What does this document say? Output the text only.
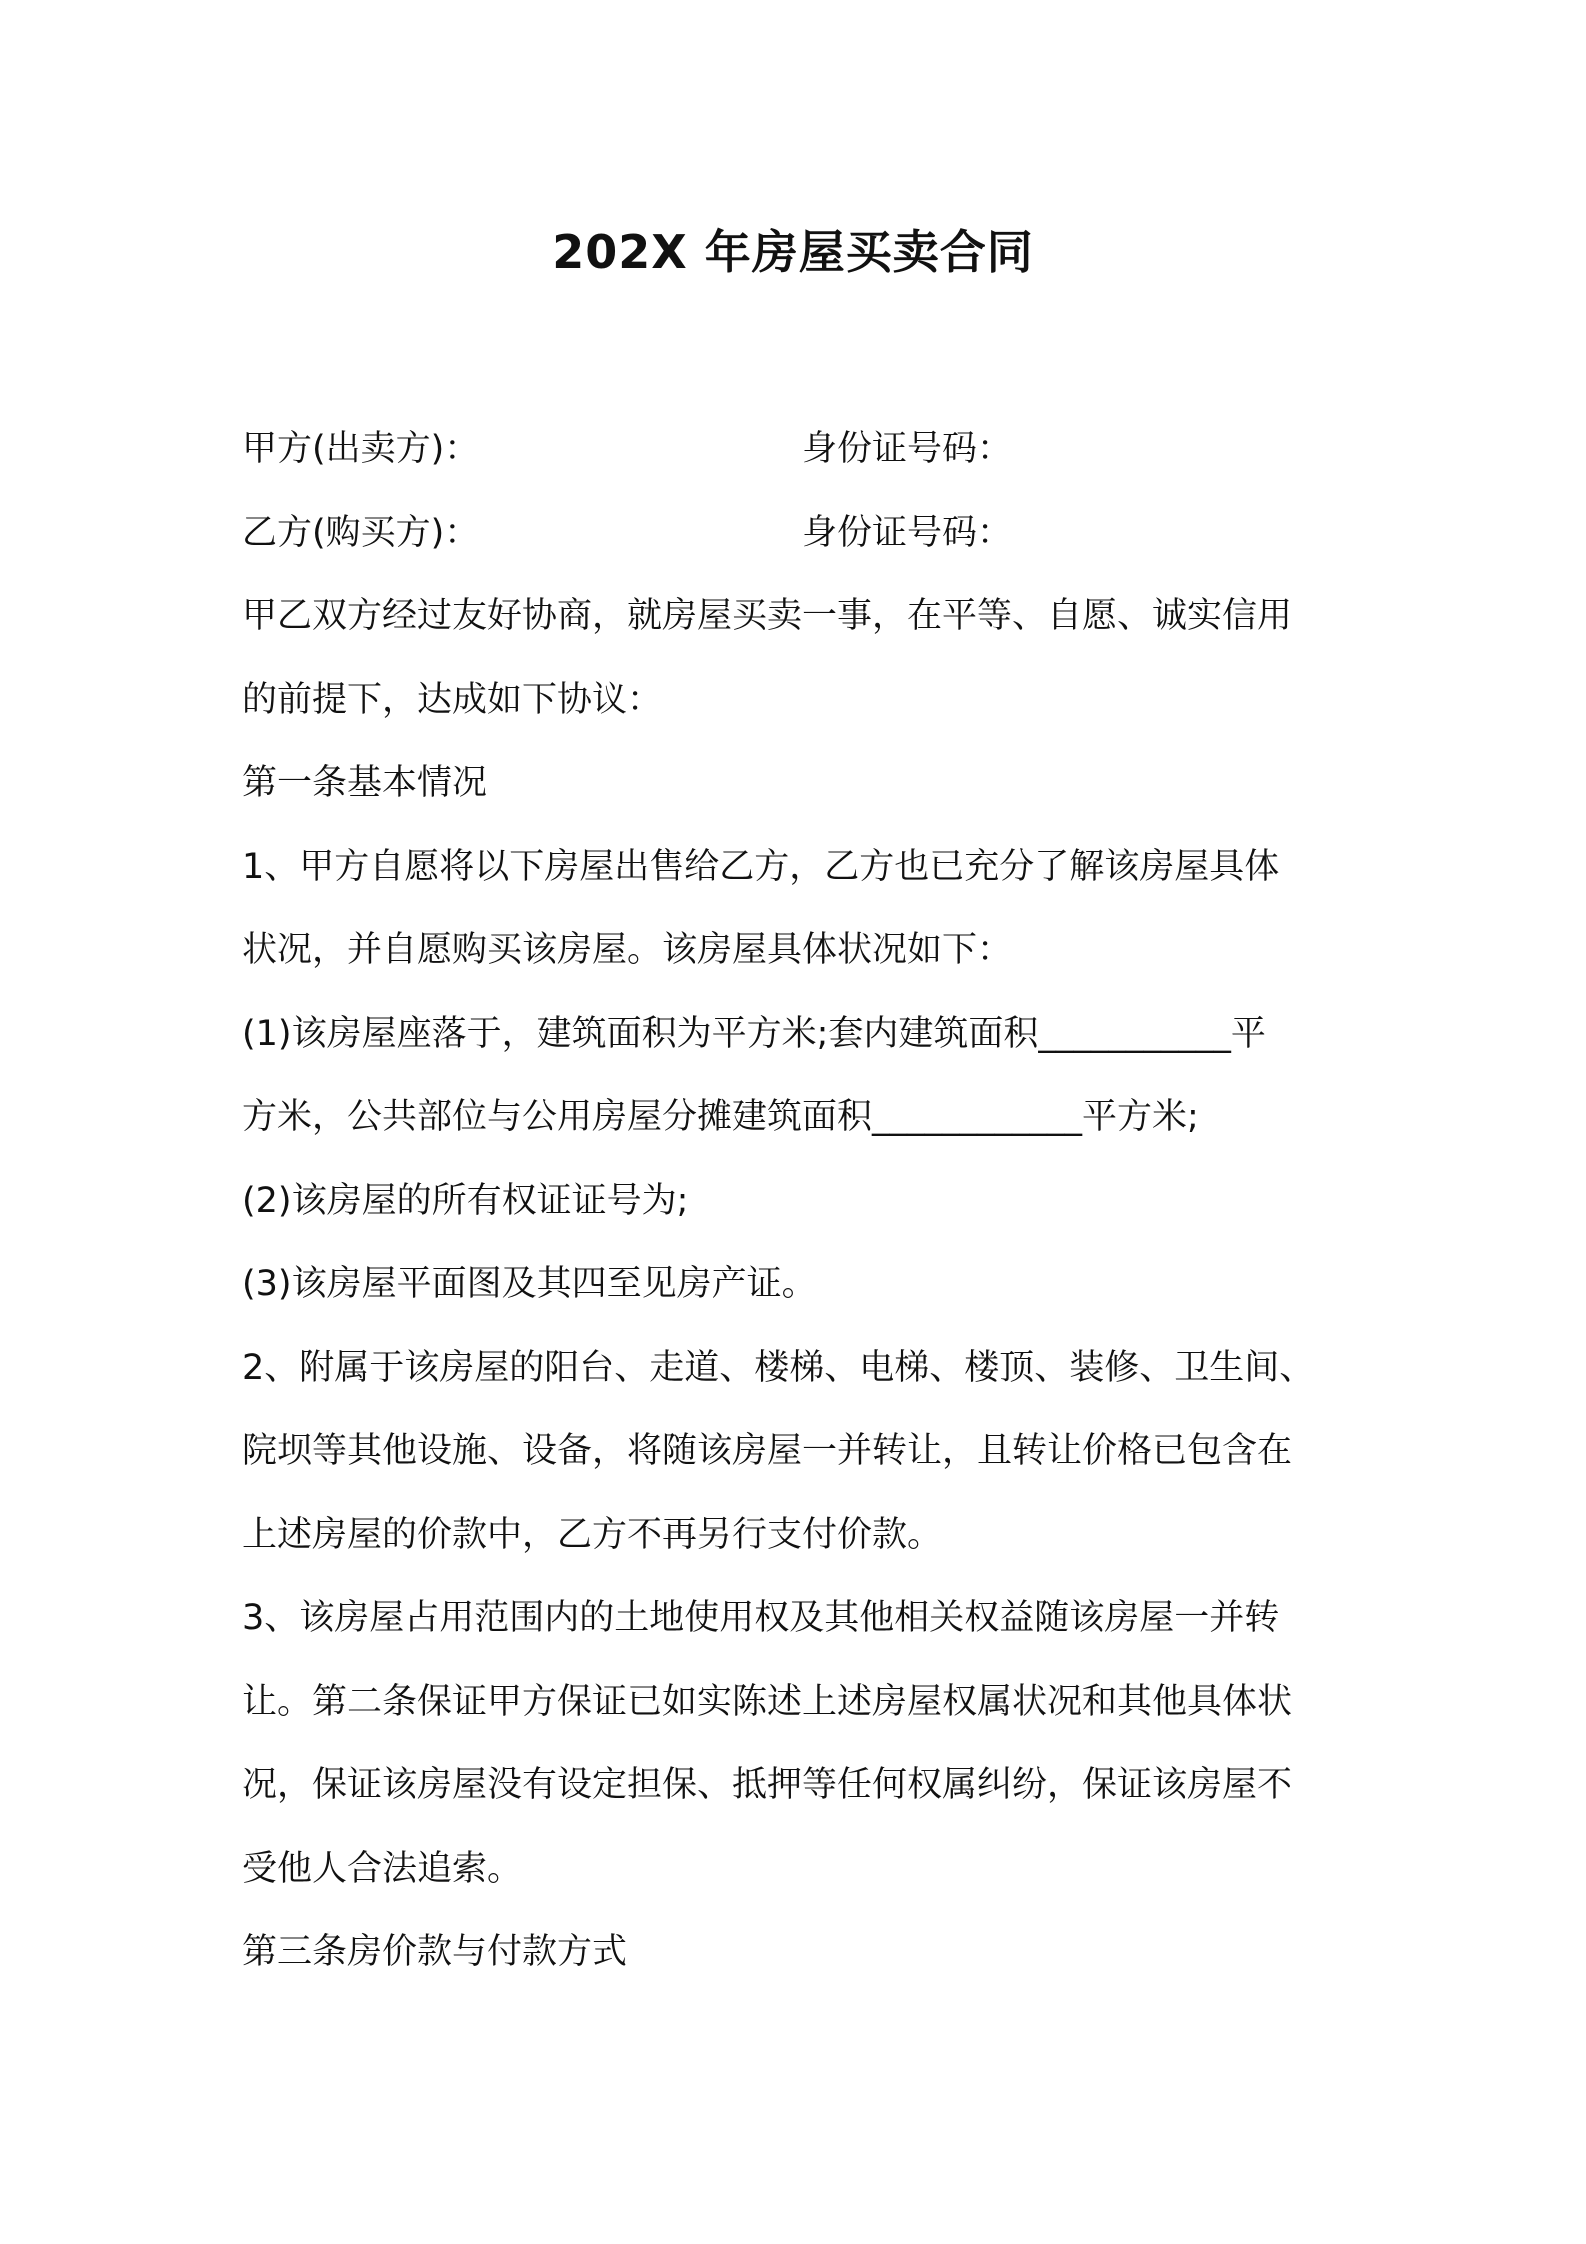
202X 年房屋买卖合同
甲方(出卖方)：	身份证号码：
乙方(购买方)：	身份证号码：
甲乙双方经过友好协商，就房屋买卖一事，在平等、自愿、诚实信用
的前提下，达成如下协议：
第一条基本情况
1、甲方自愿将以下房屋出售给乙方，乙方也已充分了解该房屋具体
状况，并自愿购买该房屋。该房屋具体状况如下：
(1)该房屋座落于，建筑面积为平方米;套内建筑面积___________平
方米，公共部位与公用房屋分摊建筑面积____________平方米;
(2)该房屋的所有权证证号为;
(3)该房屋平面图及其四至见房产证。
2、附属于该房屋的阳台、走道、楼梯、电梯、楼顶、装修、卫生间、
院坝等其他设施、设备，将随该房屋一并转让，且转让价格已包含在
上述房屋的价款中，乙方不再另行支付价款。
3、该房屋占用范围内的土地使用权及其他相关权益随该房屋一并转
让。第二条保证甲方保证已如实陈述上述房屋权属状况和其他具体状
况，保证该房屋没有设定担保、抵押等任何权属纠纷，保证该房屋不
受他人合法追索。
第三条房价款与付款方式
